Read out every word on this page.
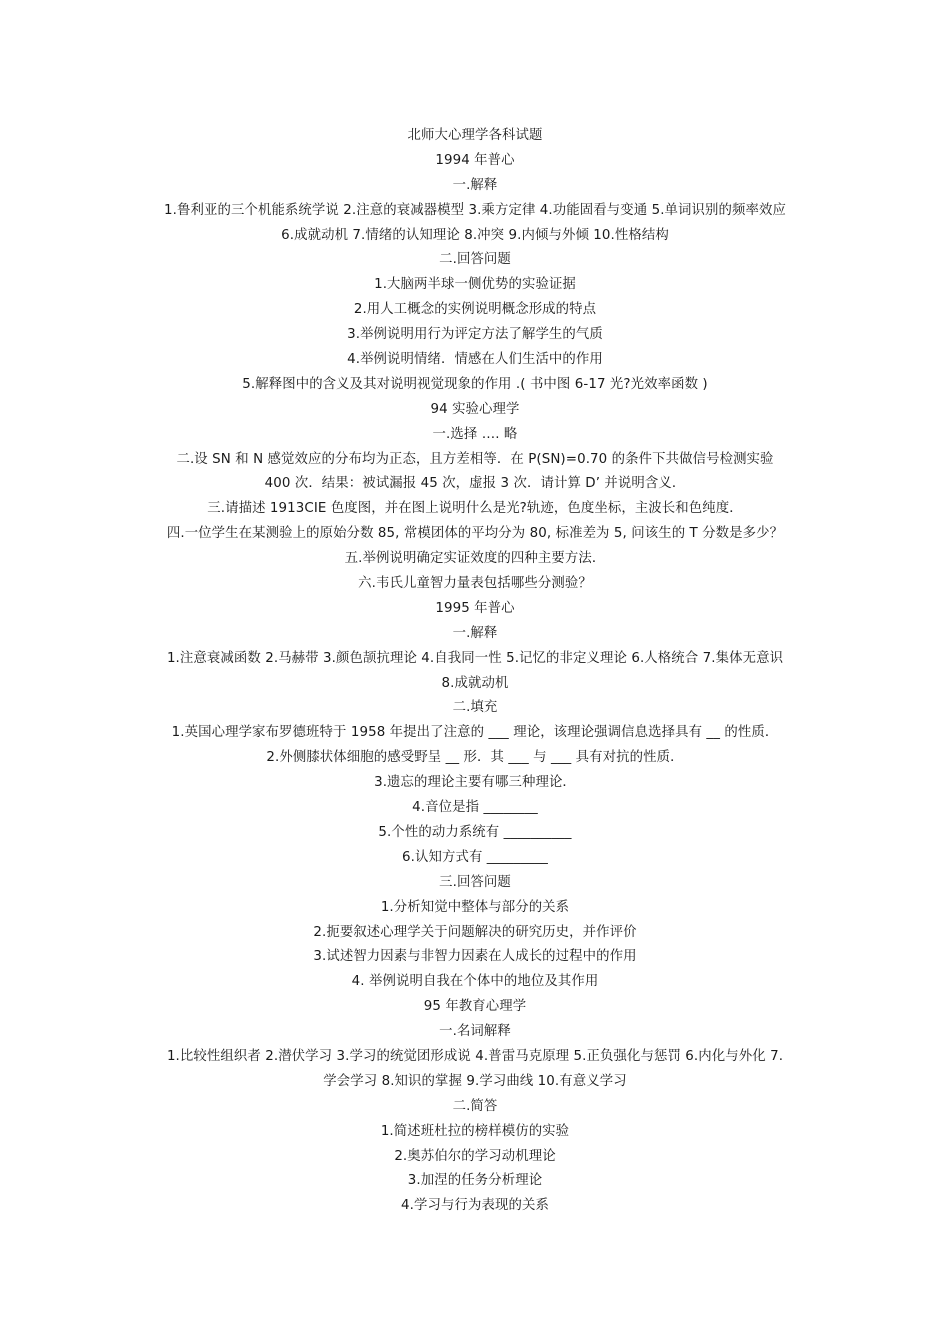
北师大心理学各科试题
1994 年普心
一.解释
1.鲁利亚的三个机能系统学说 2.注意的衰减器模型 3.乘方定律 4.功能固看与变通 5.单词识别的频率效应
6.成就动机 7.情绪的认知理论 8.冲突 9.内倾与外倾 10.性格结构
二.回答问题
1.大脑两半球一侧优势的实验证据
2.用人工概念的实例说明概念形成的特点
3.举例说明用行为评定方法了解学生的气质
4.举例说明情绪．情感在人们生活中的作用
5.解释图中的含义及其对说明视觉现象的作用 .( 书中图 6-17 光?光效率函数 )
94 实验心理学
一.选择 …. 略
二.设 SN 和 N 感觉效应的分布均为正态，且方差相等．在 P(SN)=0.70 的条件下共做信号检测实验
400 次．结果：被试漏报 45 次，虚报 3 次．请计算 D’ 并说明含义．
三.请描述 1913CIE 色度图，并在图上说明什么是光?轨迹，色度坐标，主波长和色纯度．
四.一位学生在某测验上的原始分数 85, 常模团体的平均分为 80, 标准差为 5, 问该生的 T 分数是多少？
五.举例说明确定实证效度的四种主要方法．
六.韦氏儿童智力量表包括哪些分测验？
1995 年普心
一.解释
1.注意衰减函数 2.马赫带 3.颜色颉抗理论 4.自我同一性 5.记忆的非定义理论 6.人格统合 7.集体无意识
8.成就动机
二.填充
1.英国心理学家布罗德班特于 1958 年提出了注意的 ___ 理论，该理论强调信息选择具有 __ 的性质．
2.外侧膝状体细胞的感受野呈 __ 形．其 ___ 与 ___ 具有对抗的性质．
3.遗忘的理论主要有哪三种理论．
4.音位是指 ________
5.个性的动力系统有 __________
6.认知方式有 _________
三.回答问题
1.分析知觉中整体与部分的关系
2.扼要叙述心理学关于问题解决的研究历史，并作评价
3.试述智力因素与非智力因素在人成长的过程中的作用
4. 举例说明自我在个体中的地位及其作用
95 年教育心理学
一.名词解释
1.比较性组织者 2.潜伏学习 3.学习的统觉团形成说 4.普雷马克原理 5.正负强化与惩罚 6.内化与外化 7.
学会学习 8.知识的掌握 9.学习曲线 10.有意义学习
二.简答
1.简述班杜拉的榜样模仿的实验
2.奥苏伯尔的学习动机理论
3.加涅的任务分析理论
4.学习与行为表现的关系
